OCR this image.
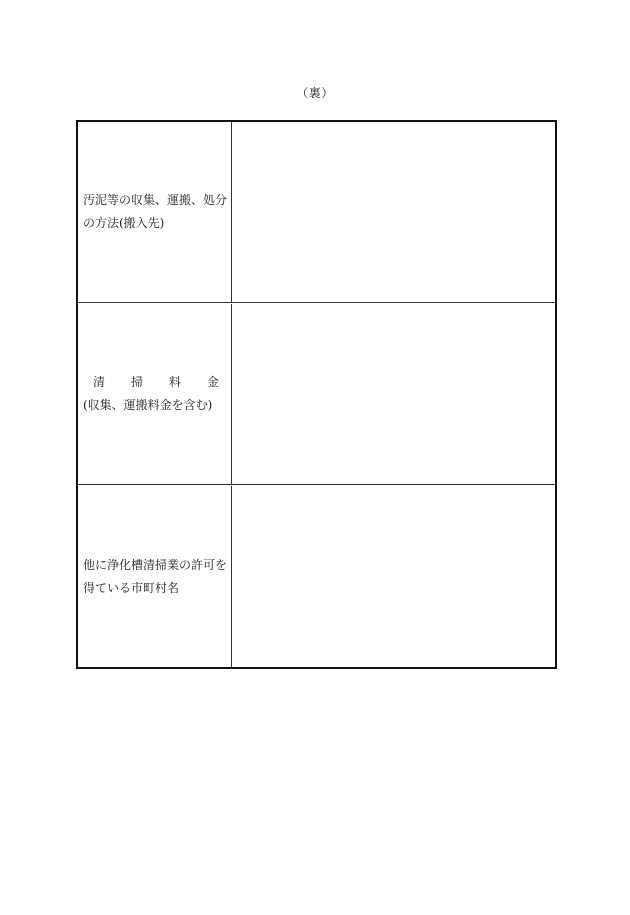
（裏）
汚泥等の収集、運搬、処分
の方法(搬入先)
清 掃 料 金
(収集、運搬料金を含む)
他に浄化槽清掃業の許可を
得ている市町村名
